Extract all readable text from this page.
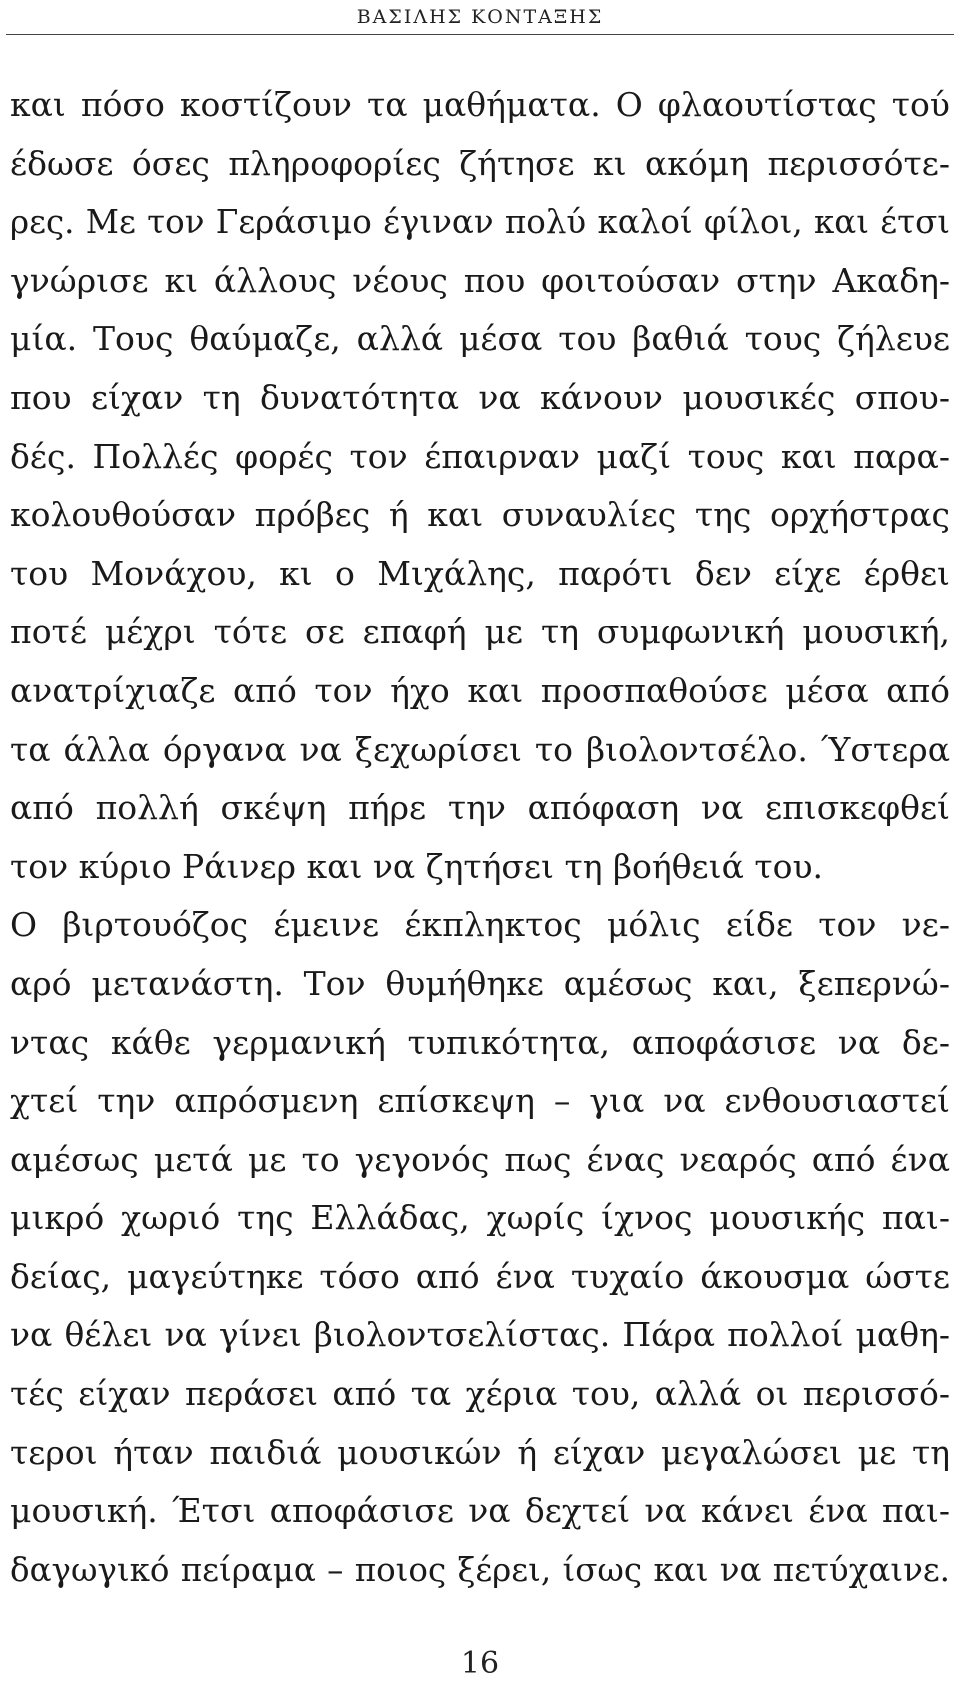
ΒΑΣΙΛΗΣ ΚΟΝΤΑΞΗΣ
και πόσο κοστίζουν τα μαθήματα. Ο φλαουτίστας τού
έδωσε όσες πληροφορίες ζήτησε κι ακόμη περισσότε-
ρες. Με τον Γεράσιμο έγιναν πολύ καλοί φίλοι, και έτσι
γνώρισε κι άλλους νέους που φοιτούσαν στην Ακαδη-
μία. Τους θαύμαζε, αλλά μέσα του βαθιά τους ζήλευε
που είχαν τη δυνατότητα να κάνουν μουσικές σπου-
δές. Πολλές φορές τον έπαιρναν μαζί τους και παρα-
κολουθούσαν πρόβες ή και συναυλίες της ορχήστρας
του Μονάχου, κι ο Μιχάλης, παρότι δεν είχε έρθει
ποτέ μέχρι τότε σε επαφή με τη συμφωνική μουσική,
ανατρίχιαζε από τον ήχο και προσπαθούσε μέσα από
τα άλλα όργανα να ξεχωρίσει το βιολοντσέλο. Ύστερα
από πολλή σκέψη πήρε την απόφαση να επισκεφθεί
τον κύριο Ράινερ και να ζητήσει τη βοήθειά του.
Ο βιρτουόζος έμεινε έκπληκτος μόλις είδε τον νε-
αρό μετανάστη. Τον θυμήθηκε αμέσως και, ξεπερνώ-
ντας κάθε γερμανική τυπικότητα, αποφάσισε να δε-
χτεί την απρόσμενη επίσκεψη – για να ενθουσιαστεί
αμέσως μετά με το γεγονός πως ένας νεαρός από ένα
μικρό χωριό της Ελλάδας, χωρίς ίχνος μουσικής παι-
δείας, μαγεύτηκε τόσο από ένα τυχαίο άκουσμα ώστε
να θέλει να γίνει βιολοντσελίστας. Πάρα πολλοί μαθη-
τές είχαν περάσει από τα χέρια του, αλλά οι περισσό-
τεροι ήταν παιδιά μουσικών ή είχαν μεγαλώσει με τη
μουσική. Έτσι αποφάσισε να δεχτεί να κάνει ένα παι-
δαγωγικό πείραμα – ποιος ξέρει, ίσως και να πετύχαινε.
16
